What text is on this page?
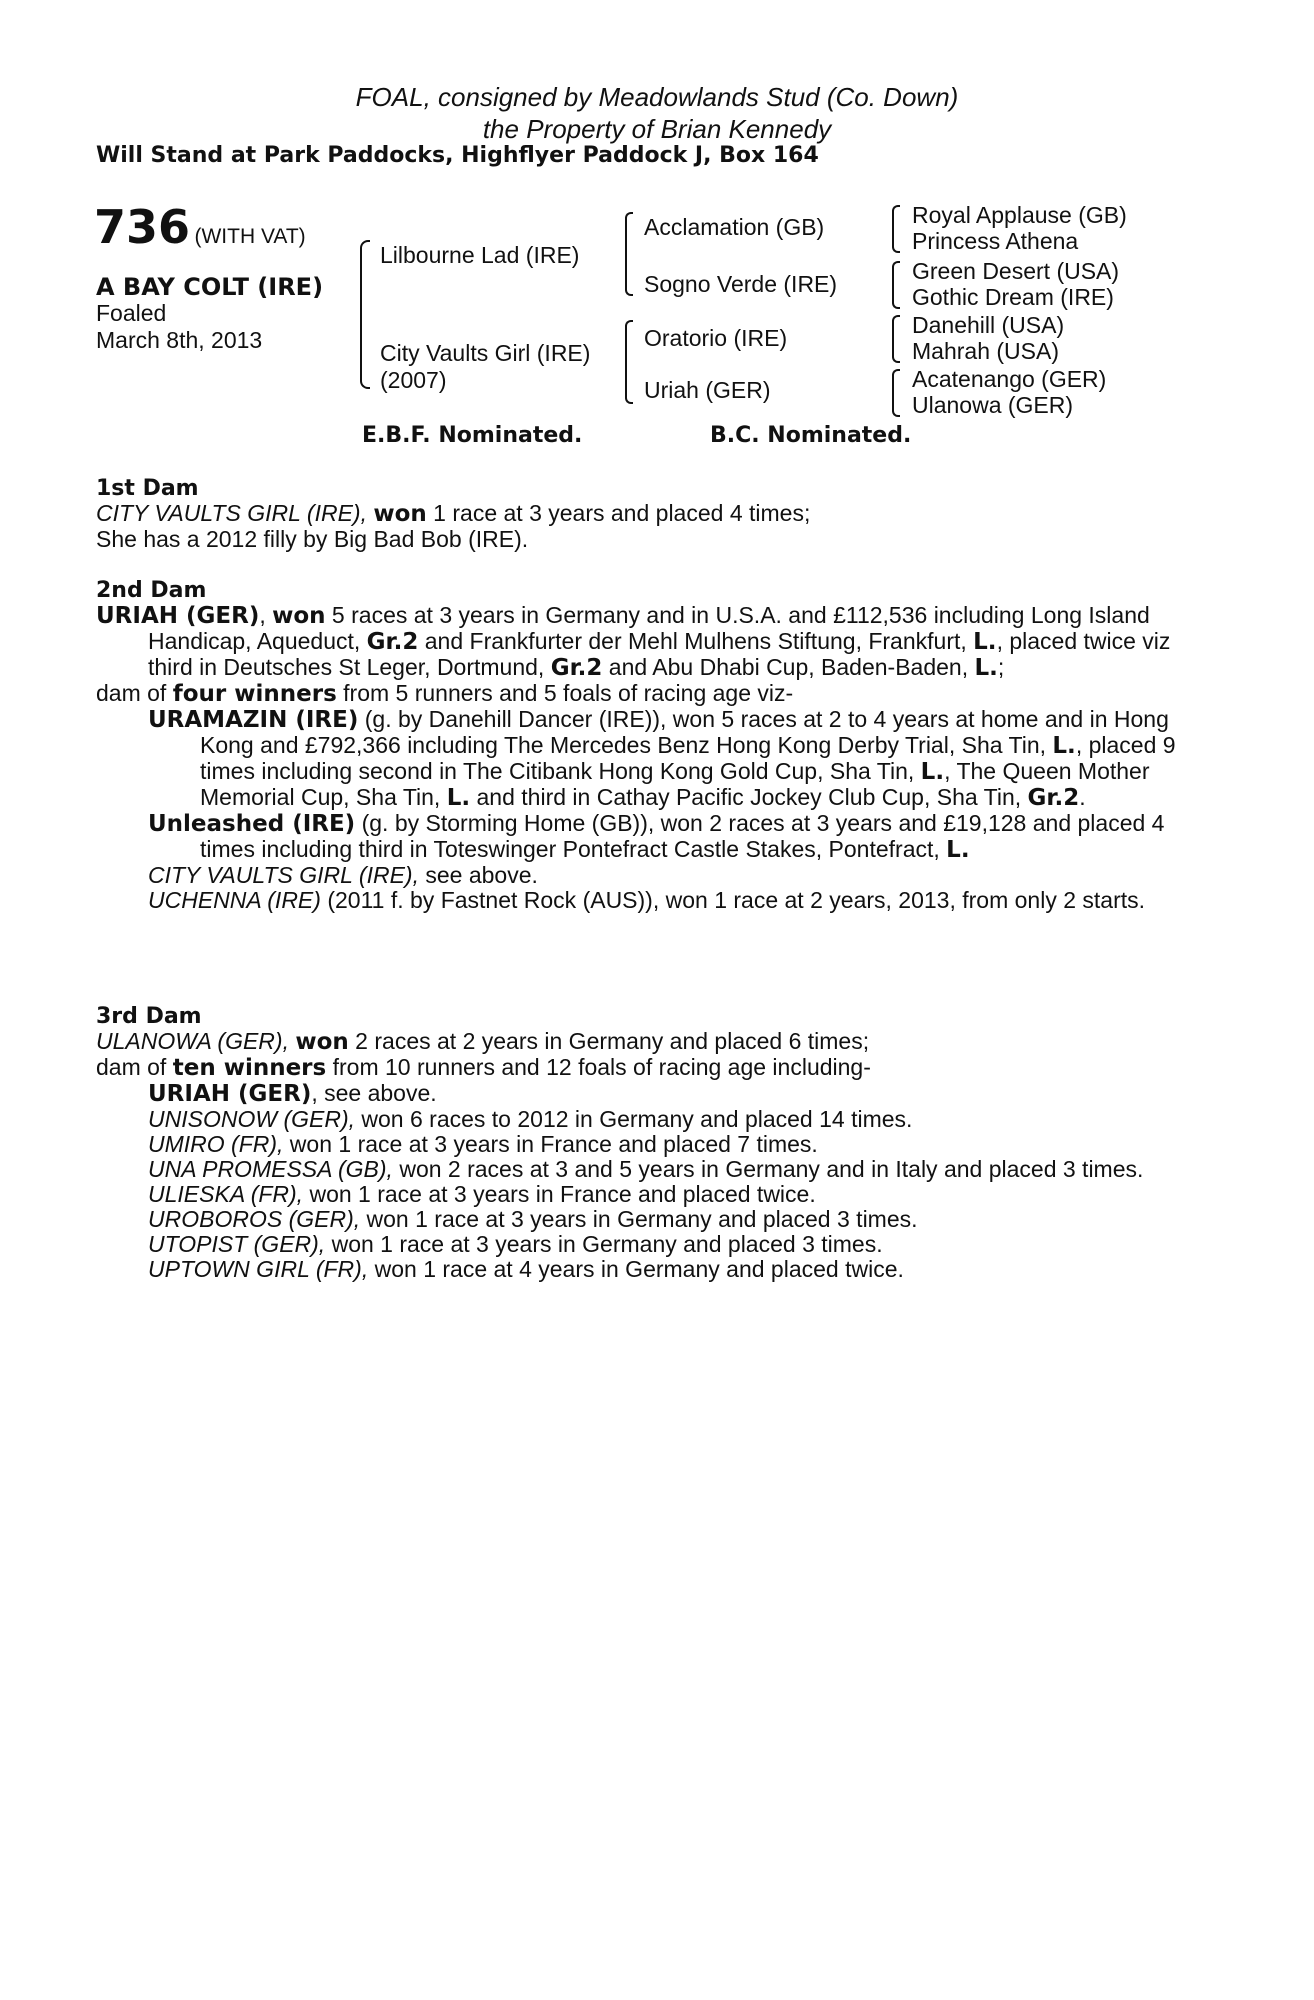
FOAL, consigned by Meadowlands Stud (Co. Down)
the Property of Brian Kennedy
Will Stand at Park Paddocks, Highflyer Paddock J, Box 164
736 (WITH VAT)
A BAY COLT (IRE)
Foaled
March 8th, 2013
Lilbourne Lad (IRE)
City Vaults Girl (IRE)
(2007)
Acclamation (GB)
Sogno Verde (IRE)
Oratorio (IRE)
Uriah (GER)
Royal Applause (GB)
Princess Athena
Green Desert (USA)
Gothic Dream (IRE)
Danehill (USA)
Mahrah (USA)
Acatenango (GER)
Ulanowa (GER)
E.B.F. Nominated.	B.C. Nominated.

1st Dam

CITY VAULTS GIRL (IRE), won 1 race at 3 years and placed 4 times;

She has a 2012 filly by Big Bad Bob (IRE).

2nd Dam

URIAH (GER), won 5 races at 3 years in Germany and in U.S.A. and £112,536 including Long Island Handicap, Aqueduct, Gr.2 and Frankfurter der Mehl Mulhens Stiftung, Frankfurt, L., placed twice viz third in Deutsches St Leger, Dortmund, Gr.2 and Abu Dhabi Cup, Baden-Baden, L.;

dam of four winners from 5 runners and 5 foals of racing age viz-

URAMAZIN (IRE) (g. by Danehill Dancer (IRE)), won 5 races at 2 to 4 years at home and in Hong Kong and £792,366 including The Mercedes Benz Hong Kong Derby Trial, Sha Tin, L., placed 9 times including second in The Citibank Hong Kong Gold Cup, Sha Tin, L., The Queen Mother Memorial Cup, Sha Tin, L. and third in Cathay Pacific Jockey Club Cup, Sha Tin, Gr.2.

Unleashed (IRE) (g. by Storming Home (GB)), won 2 races at 3 years and £19,128 and placed 4 times including third in Toteswinger Pontefract Castle Stakes, Pontefract, L.

CITY VAULTS GIRL (IRE), see above.

UCHENNA (IRE) (2011 f. by Fastnet Rock (AUS)), won 1 race at 2 years, 2013, from only 2 starts.

3rd Dam

ULANOWA (GER), won 2 races at 2 years in Germany and placed 6 times;

dam of ten winners from 10 runners and 12 foals of racing age including-

URIAH (GER), see above.

UNISONOW (GER), won 6 races to 2012 in Germany and placed 14 times.

UMIRO (FR), won 1 race at 3 years in France and placed 7 times.

UNA PROMESSA (GB), won 2 races at 3 and 5 years in Germany and in Italy and placed 3 times.

ULIESKA (FR), won 1 race at 3 years in France and placed twice.

UROBOROS (GER), won 1 race at 3 years in Germany and placed 3 times.

UTOPIST (GER), won 1 race at 3 years in Germany and placed 3 times.

UPTOWN GIRL (FR), won 1 race at 4 years in Germany and placed twice.
